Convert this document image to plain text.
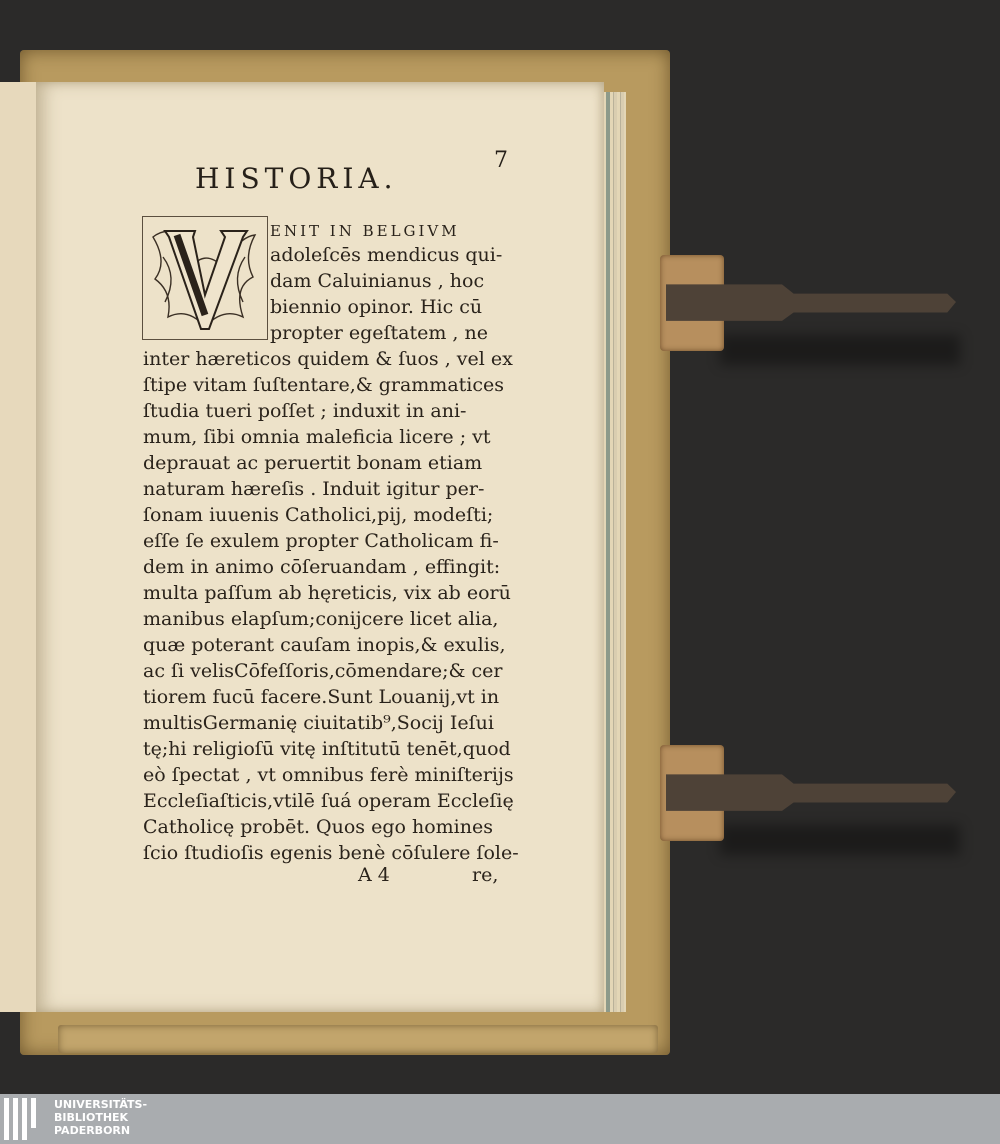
7
HISTORIA.
ENIT IN BELGIVM
adoleſcēs mendicus qui-
dam Caluinianus , hoc
biennio opinor. Hic cū
propter egeſtatem , ne
inter hæreticos quidem & ſuos , vel ex
ſtipe vitam ſuſtentare,& grammatices
ſtudia tueri poſſet ; induxit in ani-
mum, ſibi omnia maleficia licere ; vt
deprauat ac peruertit bonam etiam
naturam hæreſis . Induit igitur per-
ſonam iuuenis Catholici,pij, modeſti;
eſſe ſe exulem propter Catholicam fi-
dem in animo cōſeruandam , effingit:
multa paſſum ab hęreticis, vix ab eorū
manibus elapſum;conijcere licet alia,
quæ poterant cauſam inopis,& exulis,
ac ſi velisCōfeſſoris,cōmendare;& cer
tiorem fucū facere.Sunt Louanij,vt in
multisGermanię ciuitatib⁹,Socij Ieſui
tę;hi religioſū vitę inſtitutū tenēt,quod
eò ſpectat , vt omnibus ferè miniſterijs
Eccleſiaſticis,vtilē ſuá operam Eccleſię
Catholicę probēt. Quos ego homines
ſcio ſtudioſis egenis benè cōſulere ſole-
A 4	re,
UNIVERSITÄTS-
BIBLIOTHEK
PADERBORN
